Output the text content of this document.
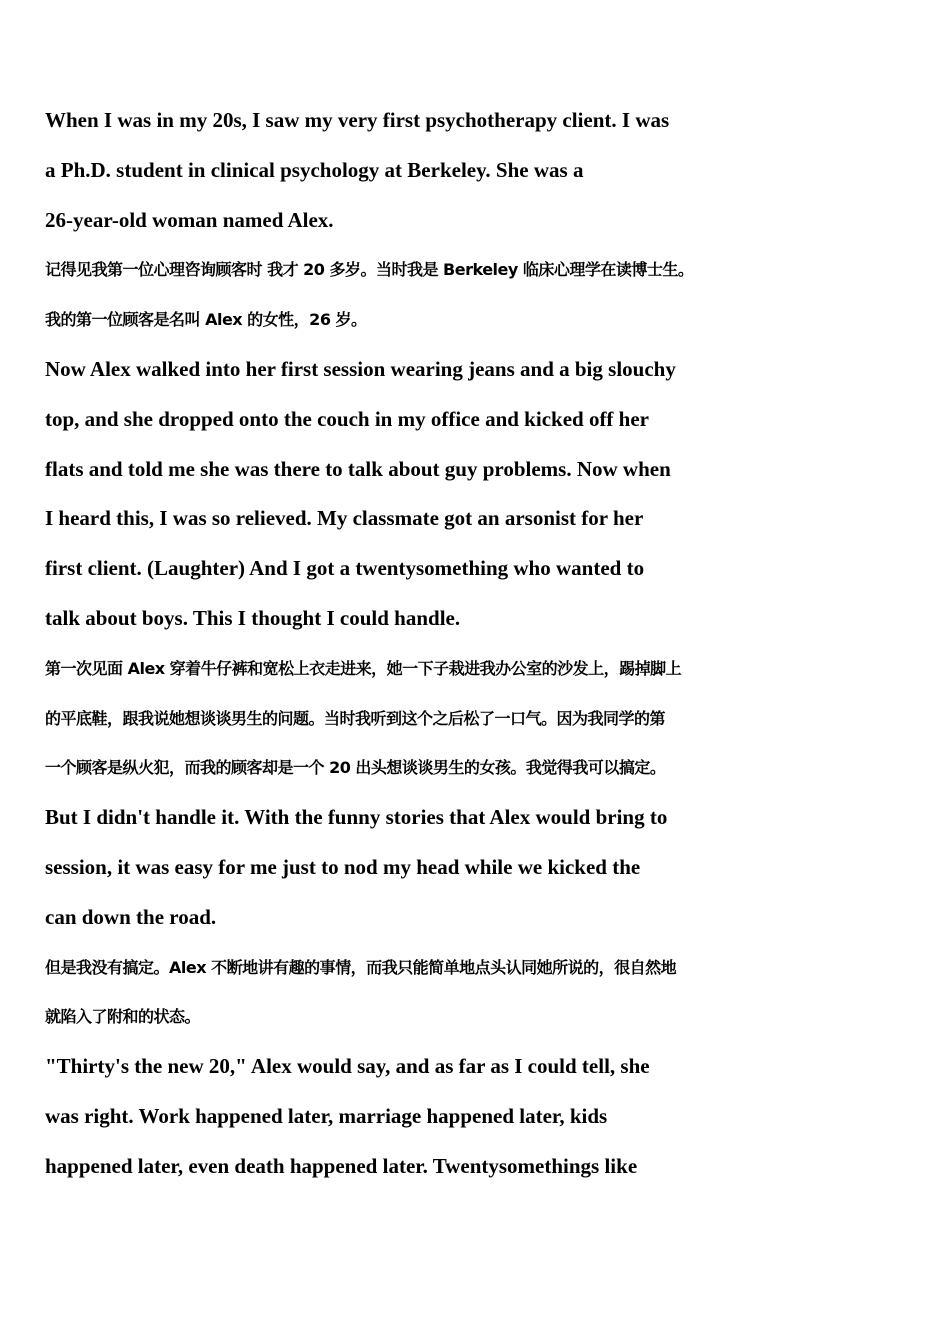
When I was in my 20s, I saw my very first psychotherapy client. I was
a Ph.D. student in clinical psychology at Berkeley. She was a
26-year-old woman named Alex.
记得见我第一位心理咨询顾客时 我才 20 多岁。当时我是 Berkeley 临床心理学在读博士生。
我的第一位顾客是名叫 Alex 的女性，26 岁。
Now Alex walked into her first session wearing jeans and a big slouchy
top, and she dropped onto the couch in my office and kicked off her
flats and told me she was there to talk about guy problems. Now when
I heard this, I was so relieved. My classmate got an arsonist for her
first client. (Laughter) And I got a twentysomething who wanted to
talk about boys. This I thought I could handle.
第一次见面 Alex 穿着牛仔裤和宽松上衣走进来，她一下子栽进我办公室的沙发上，踢掉脚上
的平底鞋，跟我说她想谈谈男生的问题。当时我听到这个之后松了一口气。因为我同学的第
一个顾客是纵火犯，而我的顾客却是一个 20 出头想谈谈男生的女孩。我觉得我可以搞定。
But I didn't handle it. With the funny stories that Alex would bring to
session, it was easy for me just to nod my head while we kicked the
can down the road.
但是我没有搞定。Alex 不断地讲有趣的事情，而我只能简单地点头认同她所说的，很自然地
就陷入了附和的状态。
"Thirty's the new 20," Alex would say, and as far as I could tell, she
was right. Work happened later, marriage happened later, kids
happened later, even death happened later. Twentysomethings like
